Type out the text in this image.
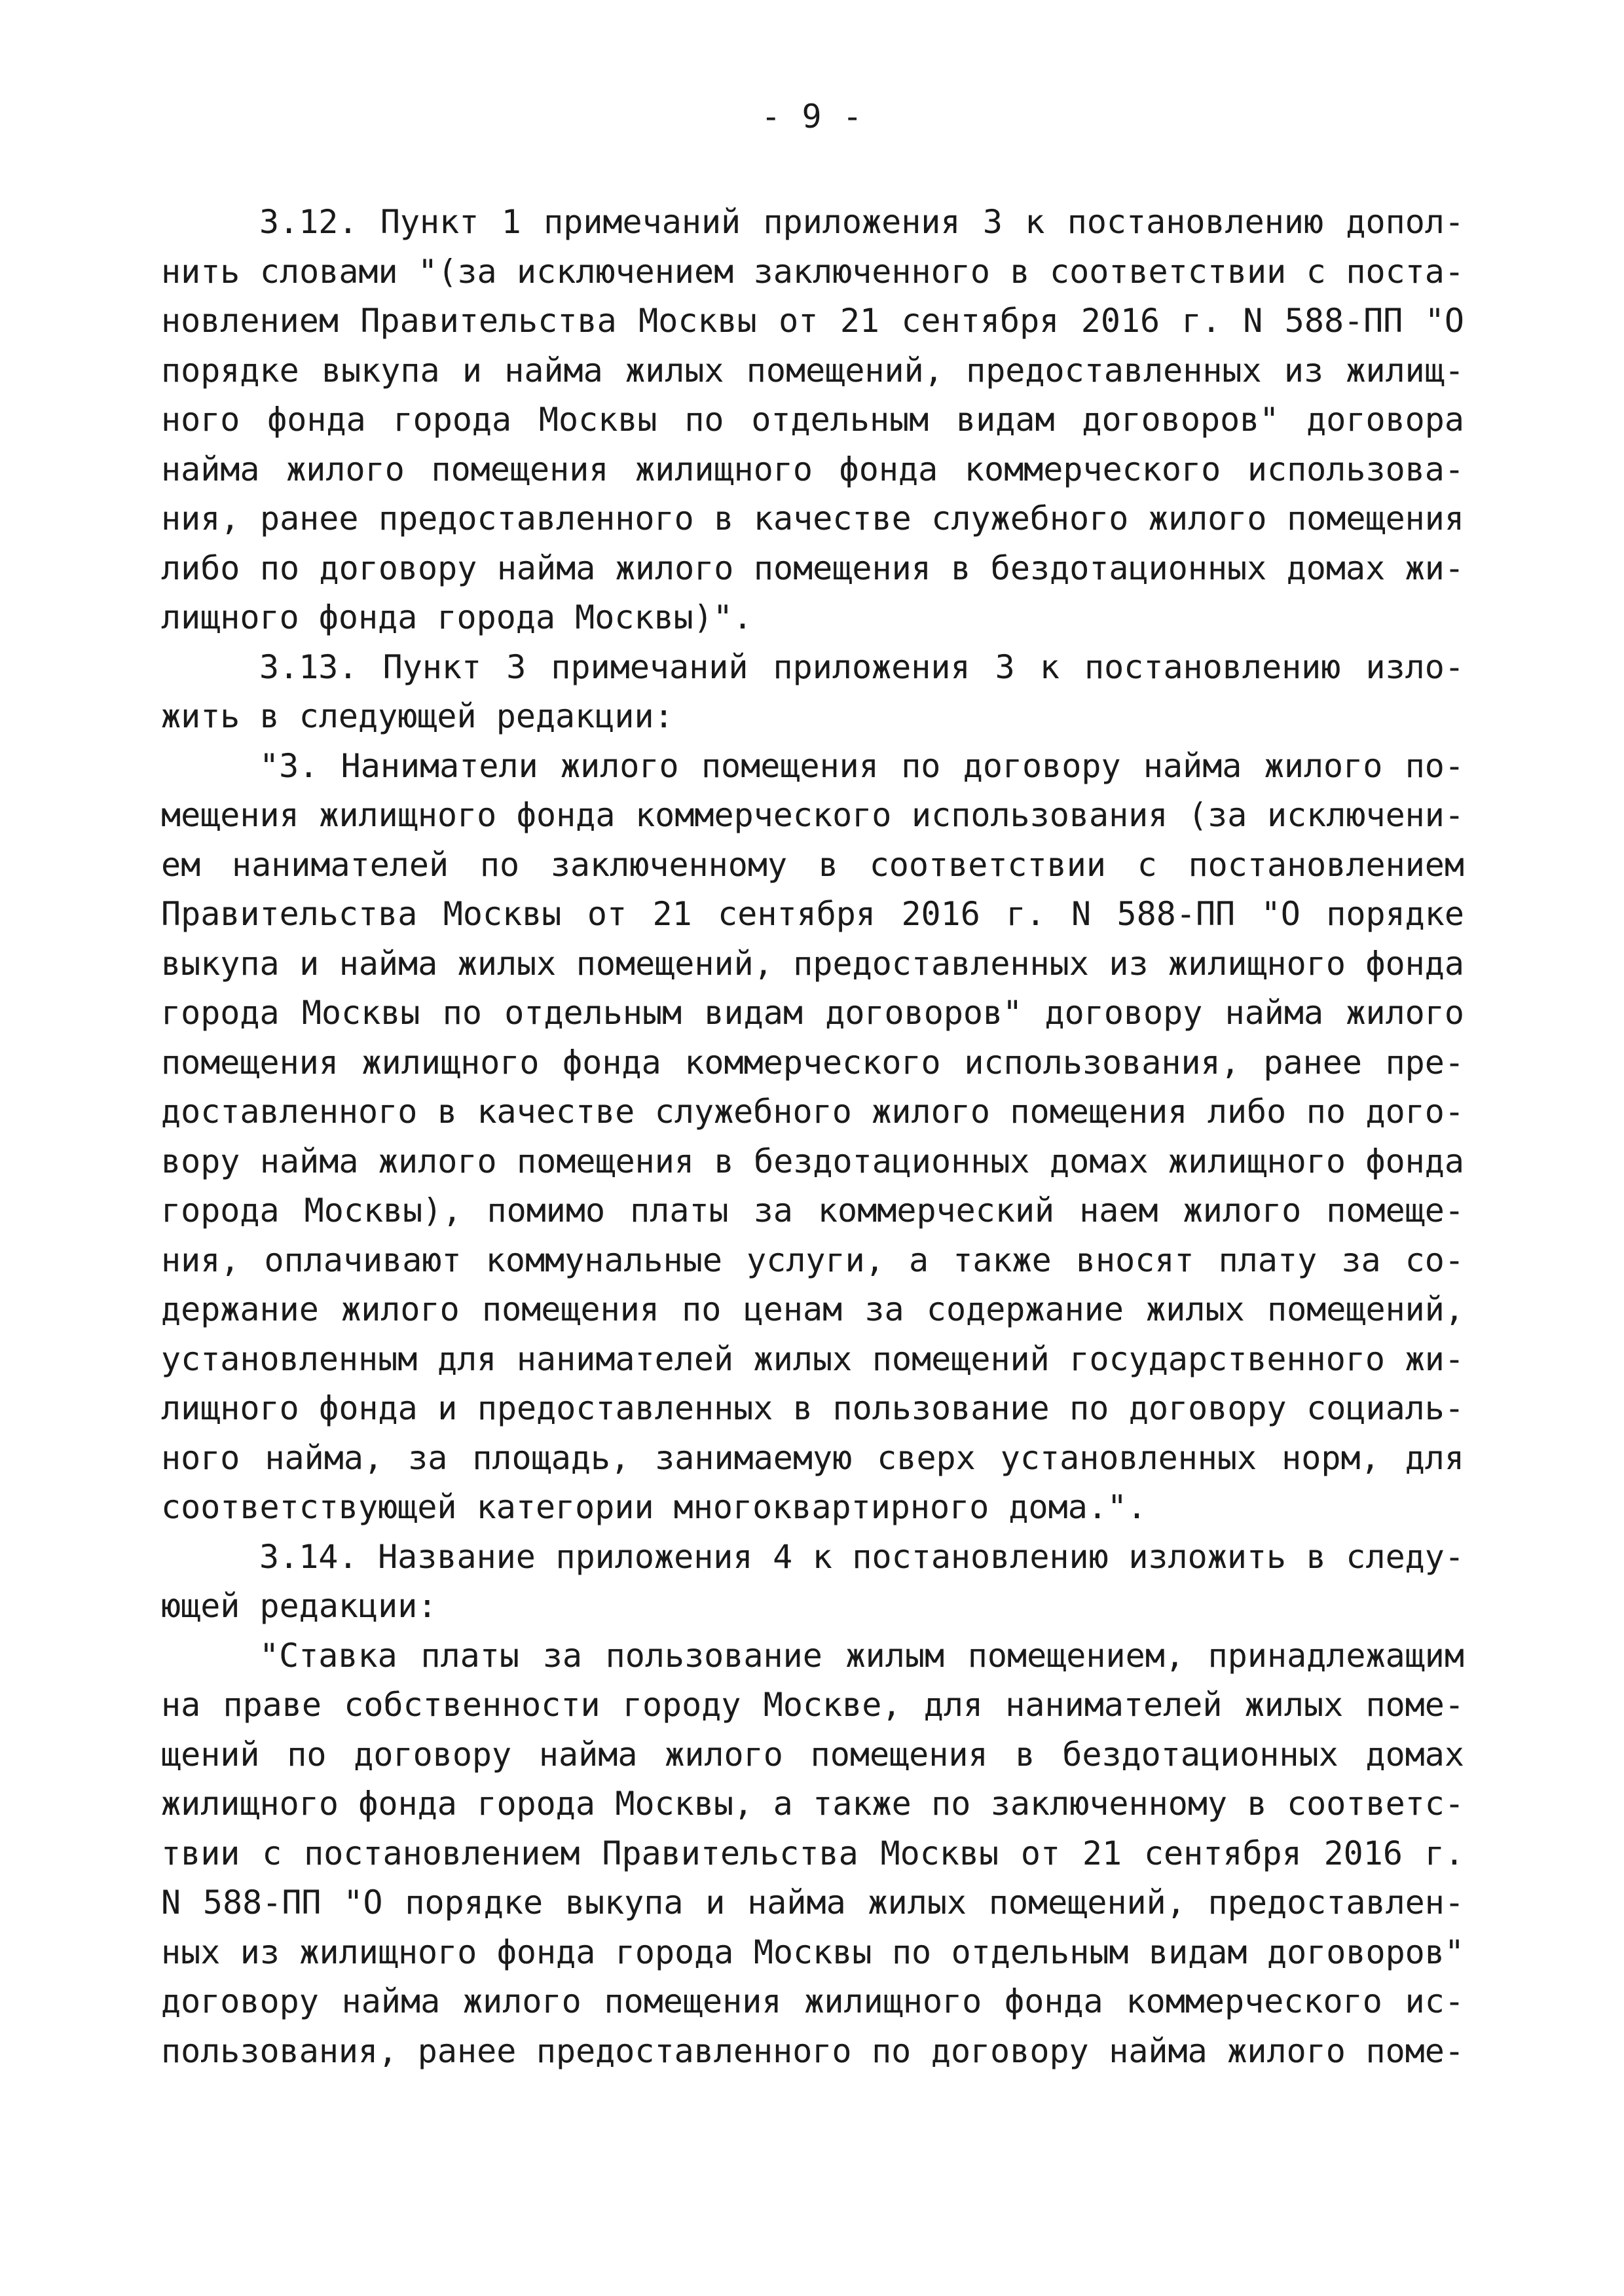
- 9 -
3.12. Пункт 1 примечаний приложения 3 к постановлению допол-
нить словами "(за исключением заключенного в соответствии с поста-
новлением Правительства Москвы от 21 сентября 2016 г. N 588-ПП "О
порядке выкупа и найма жилых помещений, предоставленных из жилищ-
ного фонда города Москвы по отдельным видам договоров" договора
найма жилого помещения жилищного фонда коммерческого использова-
ния, ранее предоставленного в качестве служебного жилого помещения
либо по договору найма жилого помещения в бездотационных домах жи-
лищного фонда города Москвы)".
3.13. Пункт 3 примечаний приложения 3 к постановлению изло-
жить в следующей редакции:
"3. Наниматели жилого помещения по договору найма жилого по-
мещения жилищного фонда коммерческого использования (за исключени-
ем нанимателей по заключенному в соответствии с постановлением
Правительства Москвы от 21 сентября 2016 г. N 588-ПП "О порядке
выкупа и найма жилых помещений, предоставленных из жилищного фонда
города Москвы по отдельным видам договоров" договору найма жилого
помещения жилищного фонда коммерческого использования, ранее пре-
доставленного в качестве служебного жилого помещения либо по дого-
вору найма жилого помещения в бездотационных домах жилищного фонда
города Москвы), помимо платы за коммерческий наем жилого помеще-
ния, оплачивают коммунальные услуги, а также вносят плату за со-
держание жилого помещения по ценам за содержание жилых помещений,
установленным для нанимателей жилых помещений государственного жи-
лищного фонда и предоставленных в пользование по договору социаль-
ного найма, за площадь, занимаемую сверх установленных норм, для
соответствующей категории многоквартирного дома.".
3.14. Название приложения 4 к постановлению изложить в следу-
ющей редакции:
"Ставка платы за пользование жилым помещением, принадлежащим
на праве собственности городу Москве, для нанимателей жилых поме-
щений по договору найма жилого помещения в бездотационных домах
жилищного фонда города Москвы, а также по заключенному в соответс-
твии с постановлением Правительства Москвы от 21 сентября 2016 г.
N 588-ПП "О порядке выкупа и найма жилых помещений, предоставлен-
ных из жилищного фонда города Москвы по отдельным видам договоров"
договору найма жилого помещения жилищного фонда коммерческого ис-
пользования, ранее предоставленного по договору найма жилого поме-
